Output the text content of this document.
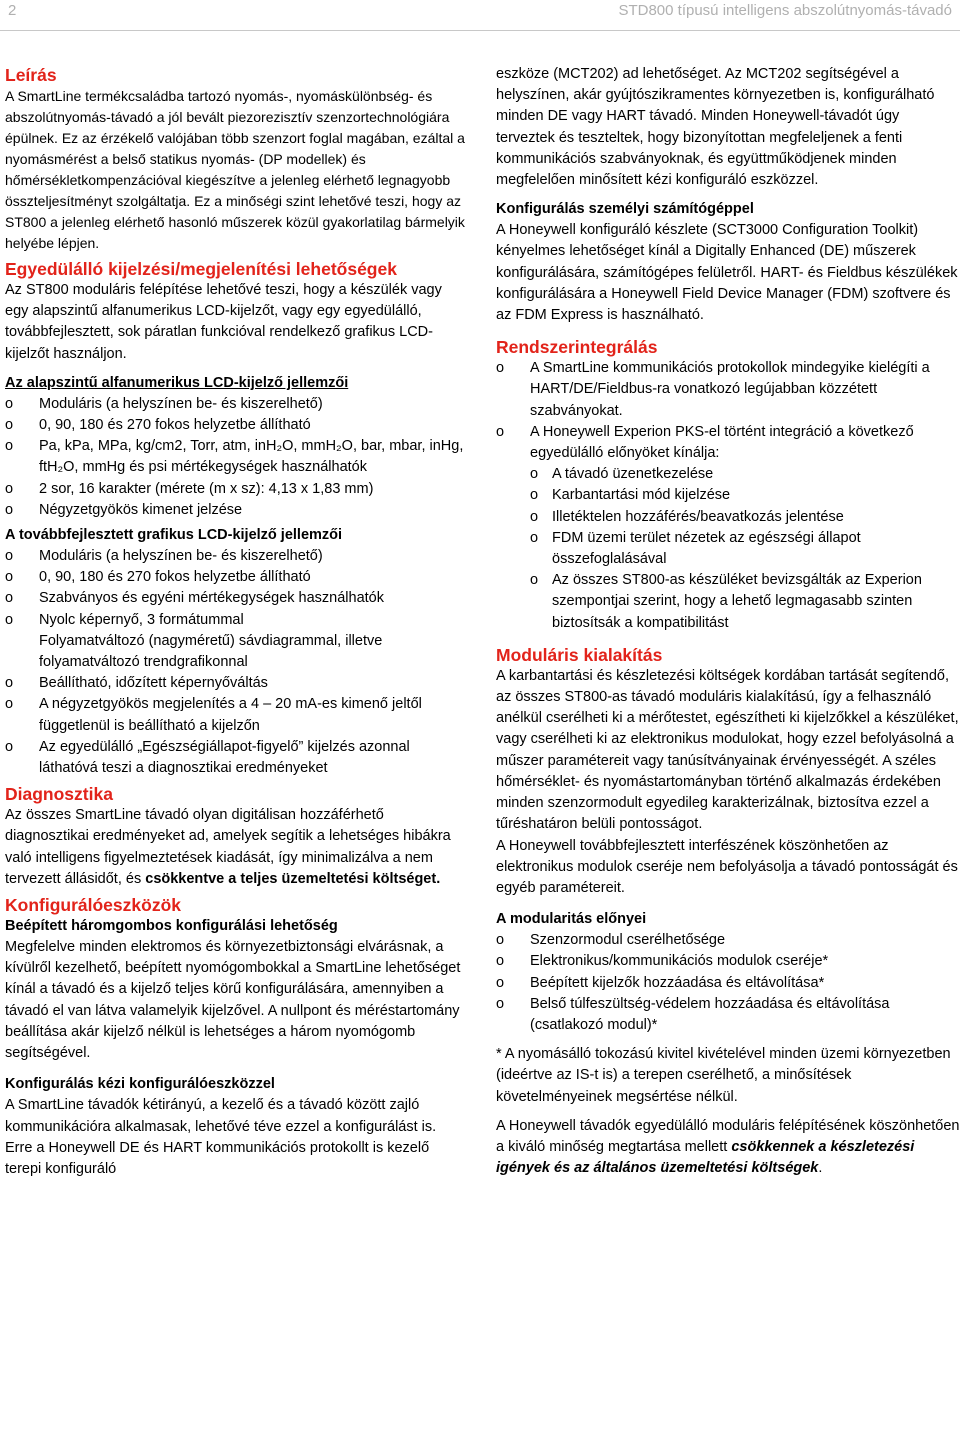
2	STD800 típusú intelligens abszolútnyomás-távadó
Leírás

A SmartLine termékcsaládba tartozó nyomás-, nyomáskülönbség- és abszolútnyomás-távadó a jól bevált piezorezisztív szenzortechnológiára épülnek. Ez az érzékelő valójában több szenzort foglal magában, ezáltal a nyomásmérést a belső statikus nyomás- (DP modellek) és hőmérsékletkompenzációval kiegészítve a jelenleg elérhető legnagyobb összteljesítményt szolgáltatja. Ez a minőségi szint lehetővé teszi, hogy az ST800 a jelenleg elérhető hasonló műszerek közül gyakorlatilag bármelyik helyébe lépjen.

Egyedülálló kijelzési/megjelenítési lehetőségek

Az ST800 moduláris felépítése lehetővé teszi, hogy a készülék vagy egy alapszintű alfanumerikus LCD-kijelzőt, vagy egy egyedülálló, továbbfejlesztett, sok páratlan funkcióval rendelkező grafikus LCD-kijelzőt használjon.

Az alapszintű alfanumerikus LCD-kijelző jellemzői
o Moduláris (a helyszínen be- és kiszerelhető)
o 0, 90, 180 és 270 fokos helyzetbe állítható
o Pa, kPa, MPa, kg/cm2, Torr, atm, inH₂O, mmH₂O, bar, mbar, inHg, ftH₂O, mmHg és psi mértékegységek használhatók
o 2 sor, 16 karakter (mérete (m x sz): 4,13 x 1,83 mm)
o Négyzetgyökös kimenet jelzése
A továbbfejlesztett grafikus LCD-kijelző jellemzői
o Moduláris (a helyszínen be- és kiszerelhető)
o 0, 90, 180 és 270 fokos helyzetbe állítható
o Szabványos és egyéni mértékegységek használhatók
o Nyolc képernyő, 3 formátummal
Folyamatváltozó (nagyméretű) sávdiagrammal, illetve folyamatváltozó trendgrafikonnal
o Beállítható, időzített képernyőváltás
o A négyzetgyökös megjelenítés a 4 – 20 mA-es kimenő jeltől függetlenül is beállítható a kijelzőn
o Az egyedülálló „Egészségiállapot-figyelő” kijelzés azonnal láthatóvá teszi a diagnosztikai eredményeket
Diagnosztika

Az összes SmartLine távadó olyan digitálisan hozzáférhető diagnosztikai eredményeket ad, amelyek segítik a lehetséges hibákra való intelligens figyelmeztetések kiadását, így minimalizálva a nem tervezett állásidőt, és csökkentve a teljes üzemeltetési költséget.

Konfigurálóeszközök
Beépített háromgombos konfigurálási lehetőség

Megfelelve minden elektromos és környezetbiztonsági elvárásnak, a kívülről kezelhető, beépített nyomógombokkal a SmartLine lehetőséget kínál a távadó és a kijelző teljes körű konfigurálására, amennyiben a távadó el van látva valamelyik kijelzővel. A nullpont és méréstartomány beállítása akár kijelző nélkül is lehetséges a három nyomógomb segítségével.

Konfigurálás kézi konfigurálóeszközzel

A SmartLine távadók kétirányú, a kezelő és a távadó között zajló kommunikációra alkalmasak, lehetővé téve ezzel a konfigurálást is. Erre a Honeywell DE és HART kommunikációs protokollt is kezelő terepi konfiguráló

eszköze (MCT202) ad lehetőséget. Az MCT202 segítségével a helyszínen, akár gyújtószikramentes környezetben is, konfigurálható minden DE vagy HART távadó. Minden Honeywell-távadót úgy terveztek és teszteltek, hogy bizonyítottan megfeleljenek a fenti kommunikációs szabványoknak, és együttműködjenek minden megfelelően minősített kézi konfiguráló eszközzel.

Konfigurálás személyi számítógéppel

A Honeywell konfiguráló készlete (SCT3000 Configuration Toolkit) kényelmes lehetőséget kínál a Digitally Enhanced (DE) műszerek konfigurálására, számítógépes felületről. HART- és Fieldbus készülékek konfigurálására a Honeywell Field Device Manager (FDM) szoftvere és az FDM Express is használható.

Rendszerintegrálás
o A SmartLine kommunikációs protokollok mindegyike kielégíti a HART/DE/Fieldbus-ra vonatkozó legújabban közzétett szabványokat.
o A Honeywell Experion PKS-el történt integráció a következő egyedülálló előnyöket kínálja:
o A távadó üzenetkezelése
o Karbantartási mód kijelzése
o Illetéktelen hozzáférés/beavatkozás jelentése
o FDM üzemi terület nézetek az egészségi állapot összefoglalásával
o Az összes ST800-as készüléket bevizsgálták az Experion szempontjai szerint, hogy a lehető legmagasabb szinten biztosítsák a kompatibilitást
Moduláris kialakítás

A karbantartási és készletezési költségek kordában tartását segítendő, az összes ST800-as távadó moduláris kialakítású, így a felhasználó anélkül cserélheti ki a mérőtestet, egészítheti ki kijelzőkkel a készüléket, vagy cserélheti ki az elektronikus modulokat, hogy ezzel befolyásolná a műszer paramétereit vagy tanúsítványainak érvényességét. A széles hőmérséklet- és nyomástartományban történő alkalmazás érdekében minden szenzormodult egyedileg karakterizálnak, biztosítva ezzel a tűréshatáron belüli pontosságot.

A Honeywell továbbfejlesztett interfészének köszönhetően az elektronikus modulok cseréje nem befolyásolja a távadó pontosságát és egyéb paramétereit.

A modularitás előnyei
o Szenzormodul cserélhetősége
o Elektronikus/kommunikációs modulok cseréje*
o Beépített kijelzők hozzáadása és eltávolítása*
o Belső túlfeszültség-védelem hozzáadása és eltávolítása (csatlakozó modul)*

* A nyomásálló tokozású kivitel kivételével minden üzemi környezetben (ideértve az IS-t is) a terepen cserélhető, a minősítések követelményeinek megsértése nélkül.

A Honeywell távadók egyedülálló moduláris felépítésének köszönhetően a kiváló minőség megtartása mellett csökkennek a készletezési igények és az általános üzemeltetési költségek.
